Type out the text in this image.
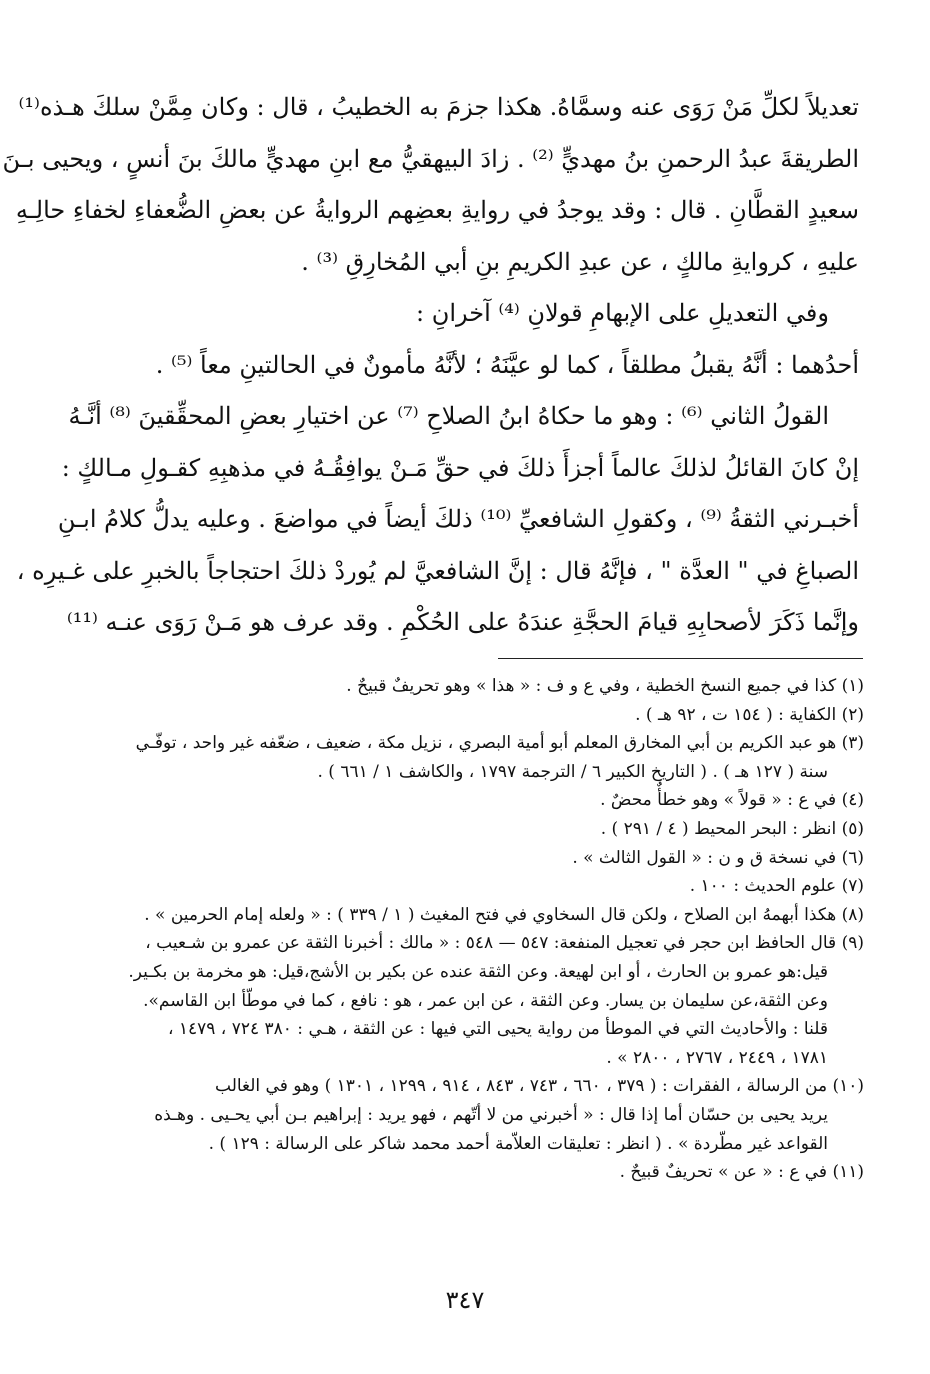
تعديلاً لكلِّ مَنْ رَوَى عنه وسمَّاهُ. هكذا جزمَ به الخطيبُ ، قال : وكان مِمَّنْ سلكَ هـذه⁽¹⁾
الطريقةَ عبدُ الرحمنِ بنُ مهديٍّ ⁽²⁾ . زادَ البيهقيُّ مع ابنِ مهديٍّ مالكَ بنَ أنسٍ ، ويحيى بـنَ
سعيدٍ القطَّانِ . قال : وقد يوجدُ في روايةِ بعضِهم الروايةُ عن بعضِ الضُّعفاءِ لخفاءِ حالِـهِ
عليهِ ، كروايةِ مالكٍ ، عن عبدِ الكريمِ بنِ أبي المُخارِقِ ⁽³⁾ .
وفي التعديلِ على الإبهامِ قولانِ ⁽⁴⁾ آخرانِ :
أحدُهما : أنَّهُ يقبلُ مطلقاً ، كما لو عيَّنَهُ ؛ لأنَّهُ مأمونٌ في الحالتينِ معاً ⁽⁵⁾ .
القولُ الثاني ⁽⁶⁾ : وهو ما حكاهُ ابنُ الصلاحِ ⁽⁷⁾ عن اختيارِ بعضِ المحقِّقينَ ⁽⁸⁾ أنَّـهُ
إنْ كانَ القائلُ لذلكَ عالماً أجزأَ ذلكَ في حقِّ مَـنْ يوافِقُـهُ في مذهبِهِ كقـولِ مـالكٍ :
أخبـرني الثقةُ ⁽⁹⁾ ، وكقولِ الشافعيِّ ⁽¹⁰⁾ ذلكَ أيضاً في مواضعَ . وعليه يدلُّ كلامُ ابـنِ
الصباغِ في " العدَّة " ، فإنَّهُ قال : إنَّ الشافعيَّ لم يُوردْ ذلكَ احتجاجاً بالخبرِ على غـيرِه ،
وإنَّما ذَكَرَ لأصحابِهِ قيامَ الحجَّةِ عندَهُ على الحُكْمِ . وقد عرف هو مَـنْ رَوَى عنـه ⁽¹¹⁾
(١) كذا في جميع النسخ الخطية ، وفي ع و ف : « هذا » وهو تحريفٌ قبيحٌ .
(٢) الكفاية : ( ١٥٤ ت ، ٩٢ هـ ) .
(٣) هو عبد الكريم بن أبي المخارق المعلم أبو أمية البصري ، نزيل مكة ، ضعيف ، ضعّفه غير واحد ، توفّـي
سنة ( ١٢٧ هـ ) . ( التاريخ الكبير ٦ / الترجمة ١٧٩٧ ، والكاشف ١ / ٦٦١ ) .
(٤) في ع : « قولاً » وهو خطأٌ محضٌ .
(٥) انظر : البحر المحيط ( ٤ / ٢٩١ ) .
(٦) في نسخة ق و ن : « القول الثالث » .
(٧) علوم الحديث : ١٠٠ .
(٨) هكذا أبهمهُ ابن الصلاح ، ولكن قال السخاوي في فتح المغيث ( ١ / ٣٣٩ ) : « ولعله إمام الحرمين » .
(٩) قال الحافظ ابن حجر في تعجيل المنفعة: ٥٤٧ — ٥٤٨ : « مالك : أخبرنا الثقة عن عمرو بن شـعيب ،
قيل:هو عمرو بن الحارث ، أو ابن لهيعة. وعن الثقة عنده عن بكير بن الأشج،قيل: هو مخرمة بن بكـير.
وعن الثقة،عن سليمان بن يسار. وعن الثقة ، عن ابن عمر ، هو : نافع ، كما في موطّأ ابن القاسم».
قلنا : والأحاديث التي في الموطأ من رواية يحيى التي فيها : عن الثقة ، هـي : ٣٨٠ ٧٢٤ ، ١٤٧٩ ،
١٧٨١ ، ٢٤٤٩ ، ٢٧٦٧ ، ٢٨٠٠ » .
(١٠) من الرسالة ، الفقرات : ( ٣٧٩ ، ٦٦٠ ، ٧٤٣ ، ٨٤٣ ، ٩١٤ ، ١٢٩٩ ، ١٣٠١ ) وهو في الغالب
يريد يحيى بن حسّان أما إذا قال : « أخبرني من لا أتّهم ، فهو يريد : إبراهيم بـن أبي يحـيى . وهـذه
القواعد غير مطّردة » . ( انظر : تعليقات العلاّمة أحمد محمد شاكر على الرسالة : ١٢٩ ) .
(١١) في ع : « عن » تحريفٌ قبيحٌ .
٣٤٧
